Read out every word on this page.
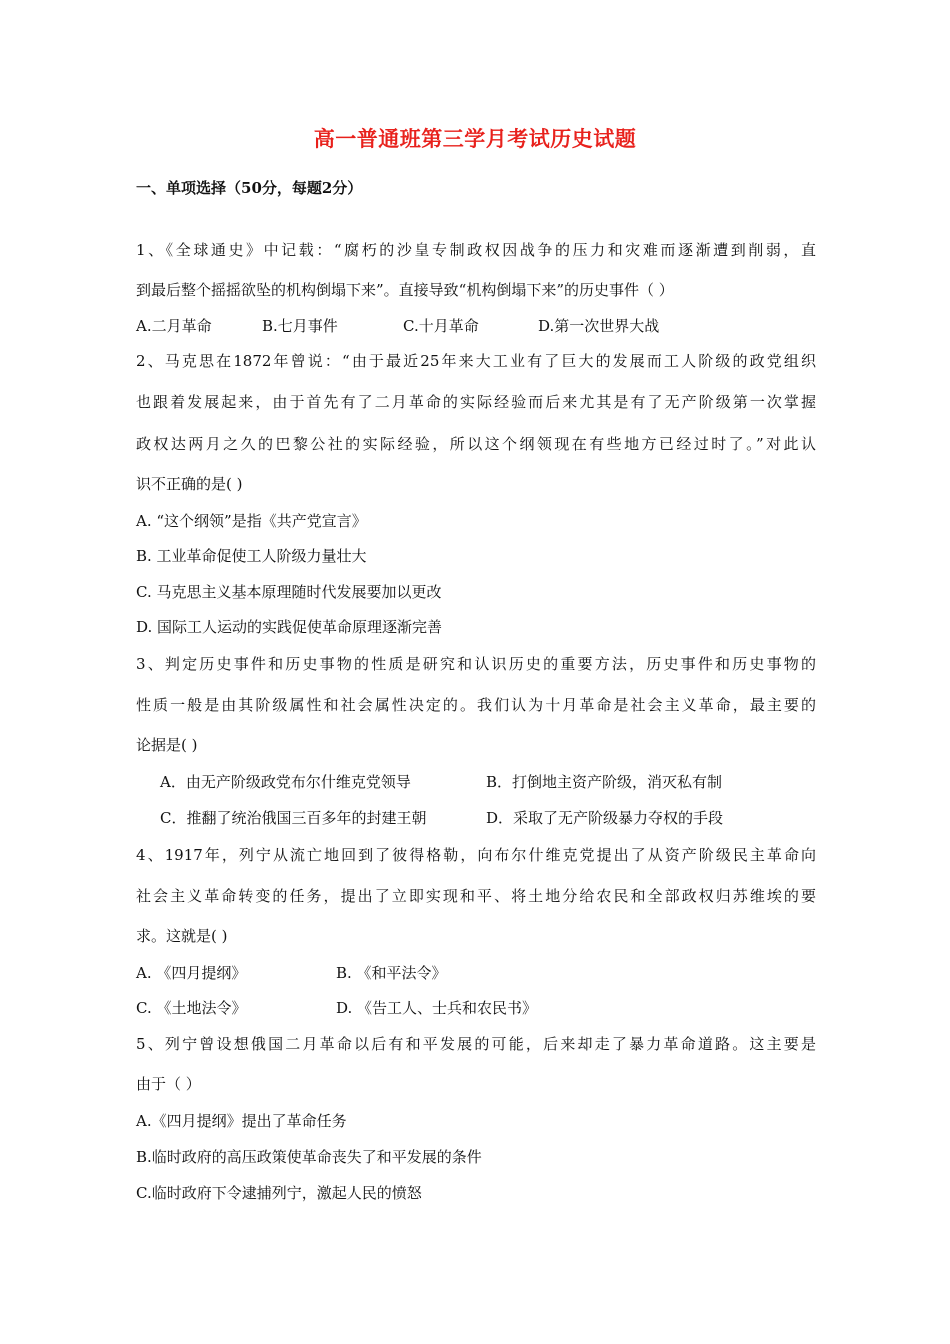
高一普通班第三学月考试历史试题
一、单项选择（50分，每题2分）
1、《全球通史》中记载：“腐朽的沙皇专制政权因战争的压力和灾难而逐渐遭到削弱，直
到最后整个摇摇欲坠的机构倒塌下来”。直接导致“机构倒塌下来”的历史事件（ ）
A.二月革命	B.七月事件	C.十月革命	D.第一次世界大战
2、马克思在1872年曾说：“由于最近25年来大工业有了巨大的发展而工人阶级的政党组织
也跟着发展起来，由于首先有了二月革命的实际经验而后来尤其是有了无产阶级第一次掌握
政权达两月之久的巴黎公社的实际经验，所以这个纲领现在有些地方已经过时了。”对此认
识不正确的是( )
A. “这个纲领”是指《共产党宣言》
B. 工业革命促使工人阶级力量壮大
C. 马克思主义基本原理随时代发展要加以更改
D. 国际工人运动的实践促使革命原理逐渐完善
3、判定历史事件和历史事物的性质是研究和认识历史的重要方法，历史事件和历史事物的
性质一般是由其阶级属性和社会属性决定的。我们认为十月革命是社会主义革命，最主要的
论据是( )
A．由无产阶级政党布尔什维克党领导	B．打倒地主资产阶级，消灭私有制
C．推翻了统治俄国三百多年的封建王朝	D．采取了无产阶级暴力夺权的手段
4、1917年，列宁从流亡地回到了彼得格勒，向布尔什维克党提出了从资产阶级民主革命向
社会主义革命转变的任务，提出了立即实现和平、将土地分给农民和全部政权归苏维埃的要
求。这就是( )
A. 《四月提纲》	B. 《和平法令》
C. 《土地法令》	D. 《告工人、士兵和农民书》
5、列宁曾设想俄国二月革命以后有和平发展的可能，后来却走了暴力革命道路。这主要是
由于（ ）
A.《四月提纲》提出了革命任务
B.临时政府的高压政策使革命丧失了和平发展的条件
C.临时政府下令逮捕列宁，激起人民的愤怒
